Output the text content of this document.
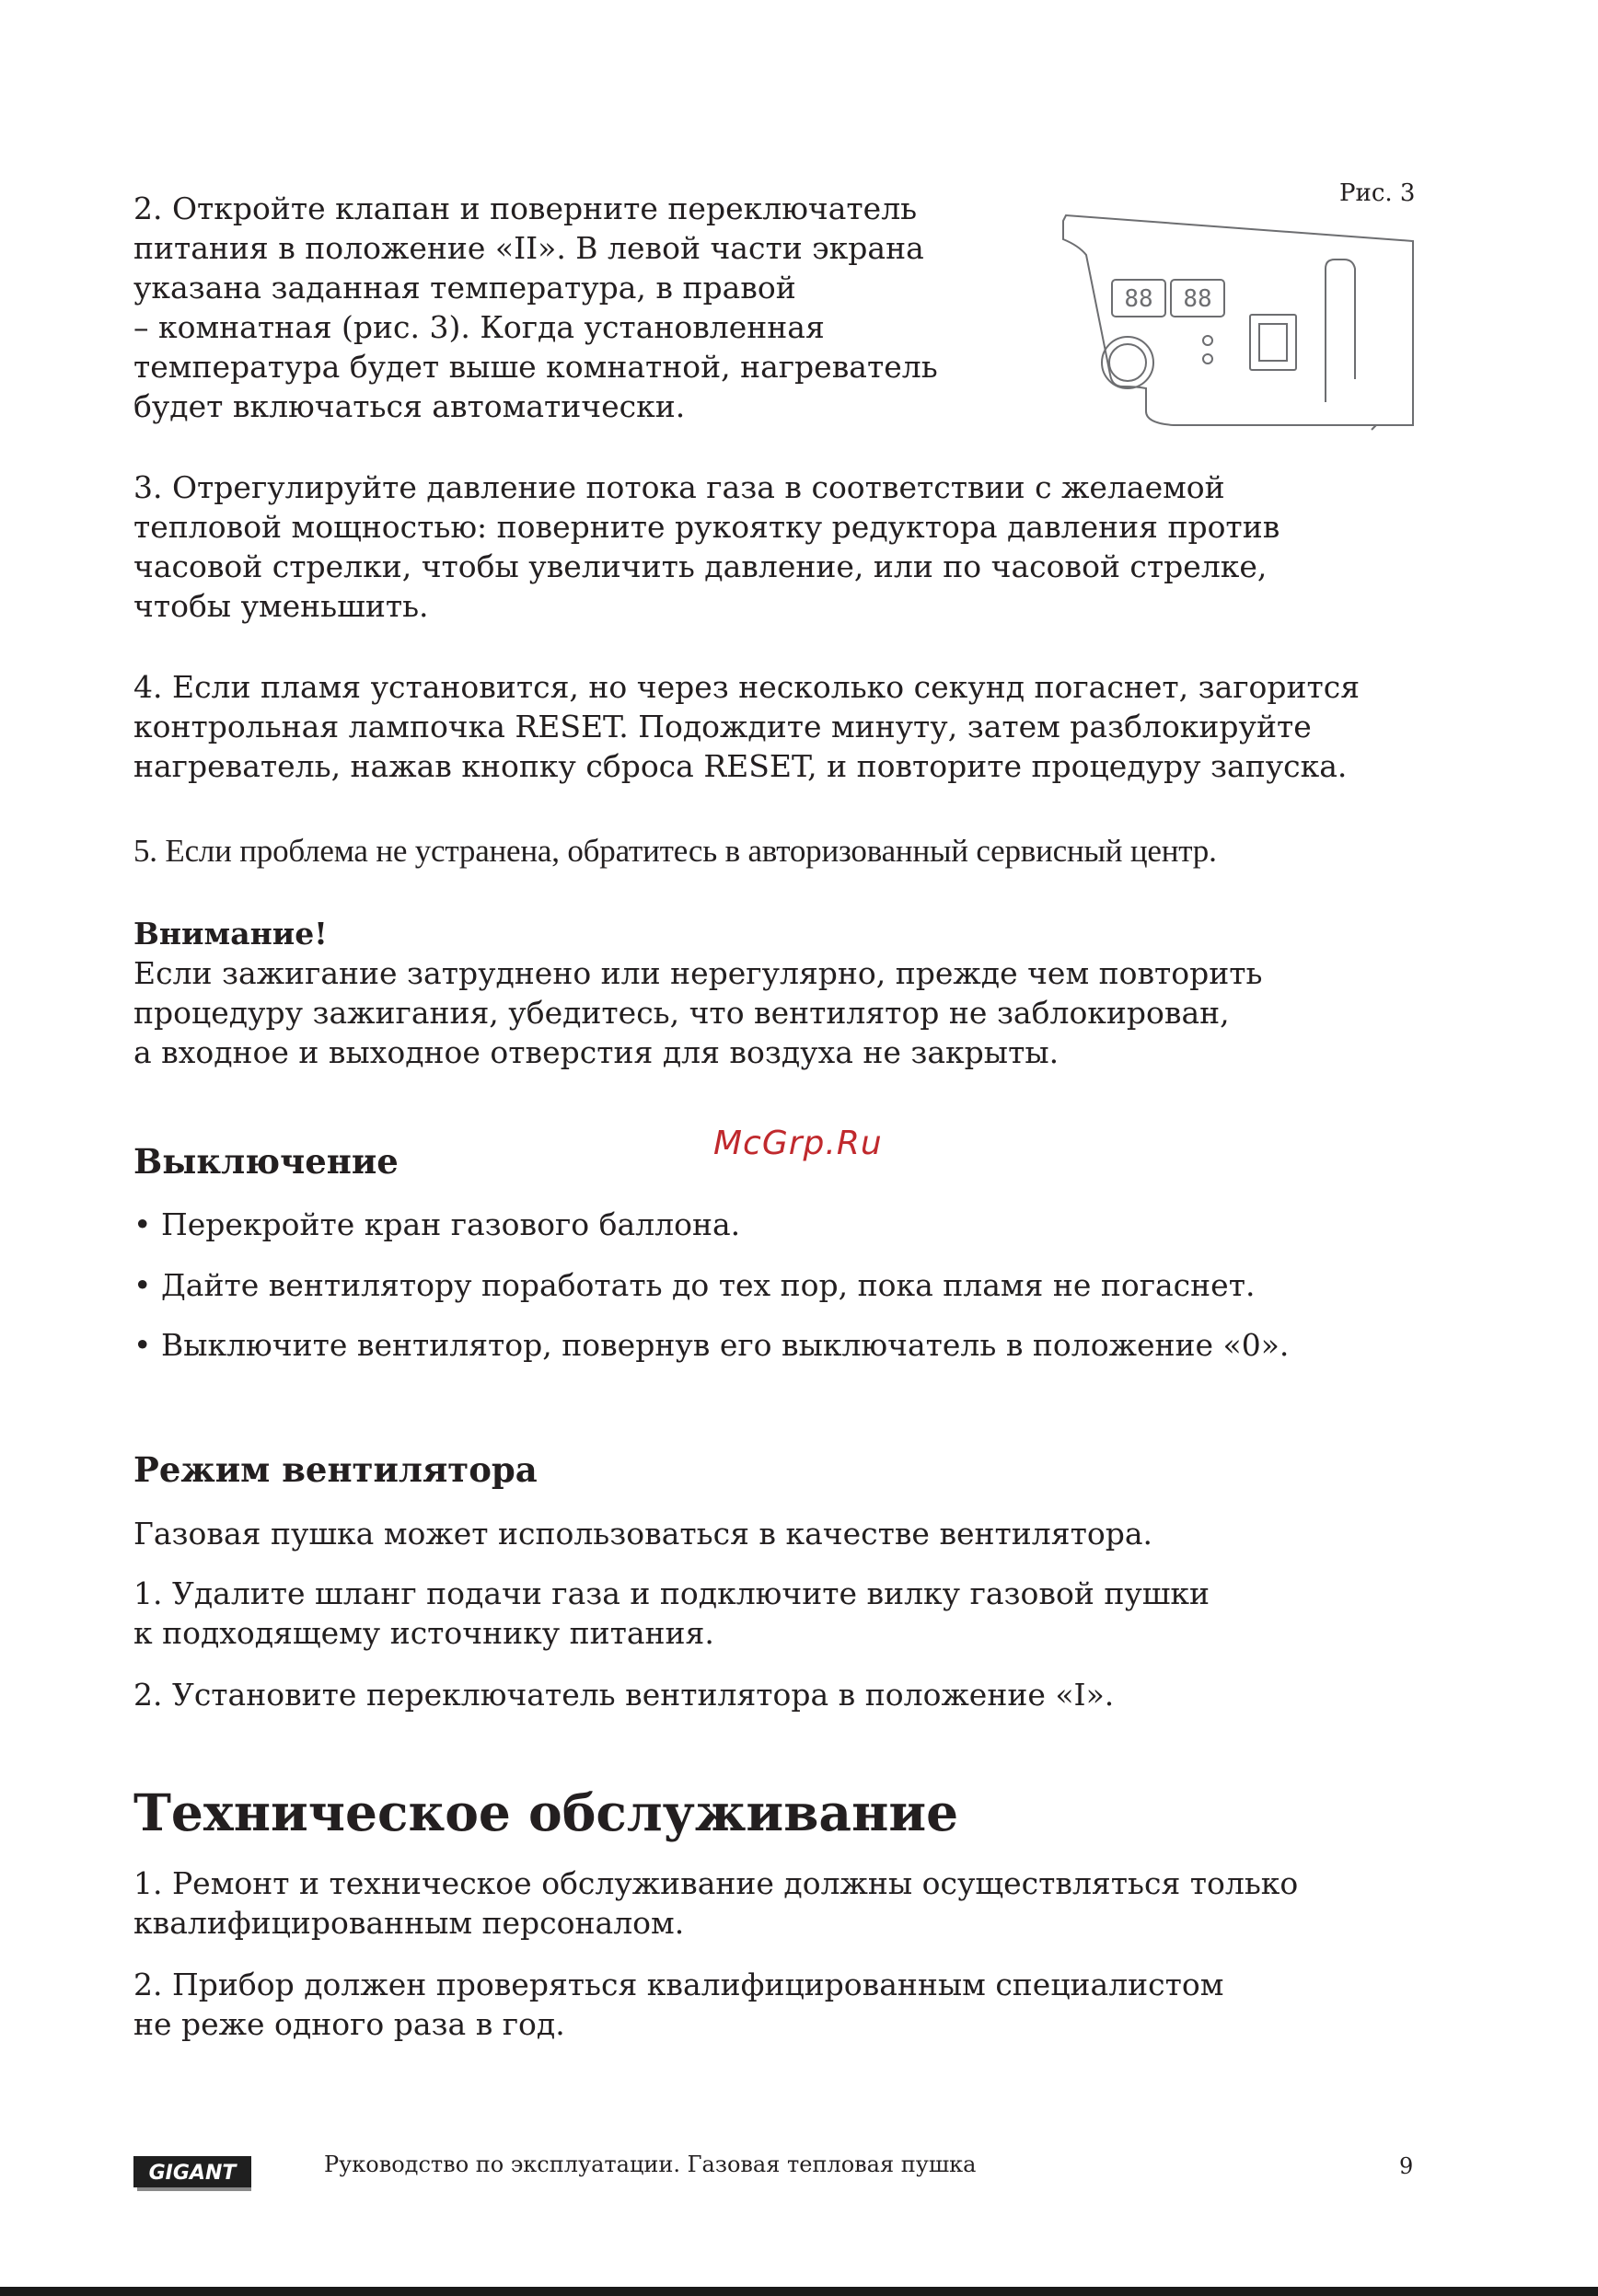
2. Откройте клапан и поверните переключатель
питания в положение «II». В левой части экрана
указана заданная температура, в правой
– комнатная (рис. 3). Когда установленная
температура будет выше комнатной, нагреватель
будет включаться автоматически.

Рис. 3
88 88

3. Отрегулируйте давление потока газа в соответствии с желаемой
тепловой мощностью: поверните рукоятку редуктора давления против
часовой стрелки, чтобы увеличить давление, или по часовой стрелке,
чтобы уменьшить.

4. Если пламя установится, но через несколько секунд погаснет, загорится
контрольная лампочка RESET. Подождите минуту, затем разблокируйте
нагреватель, нажав кнопку сброса RESET, и повторите процедуру запуска.

5. Если проблема не устранена, обратитесь в авторизованный сервисный центр.

Внимание!
Если зажигание затруднено или нерегулярно, прежде чем повторить
процедуру зажигания, убедитесь, что вентилятор не заблокирован,
а входное и выходное отверстия для воздуха не закрыты.

McGrp.Ru
Выключение

• Перекройте кран газового баллона.

• Дайте вентилятору поработать до тех пор, пока пламя не погаснет.

• Выключите вентилятор, повернув его выключатель в положение «0».

Режим вентилятора

Газовая пушка может использоваться в качестве вентилятора.

1. Удалите шланг подачи газа и подключите вилку газовой пушки
к подходящему источнику питания.

2. Установите переключатель вентилятора в положение «I».

Техническое обслуживание

1. Ремонт и техническое обслуживание должны осуществляться только
квалифицированным персоналом.

2. Прибор должен проверяться квалифицированным специалистом
не реже одного раза в год.

GIGANT	Руководство по эксплуатации. Газовая тепловая пушка	9
